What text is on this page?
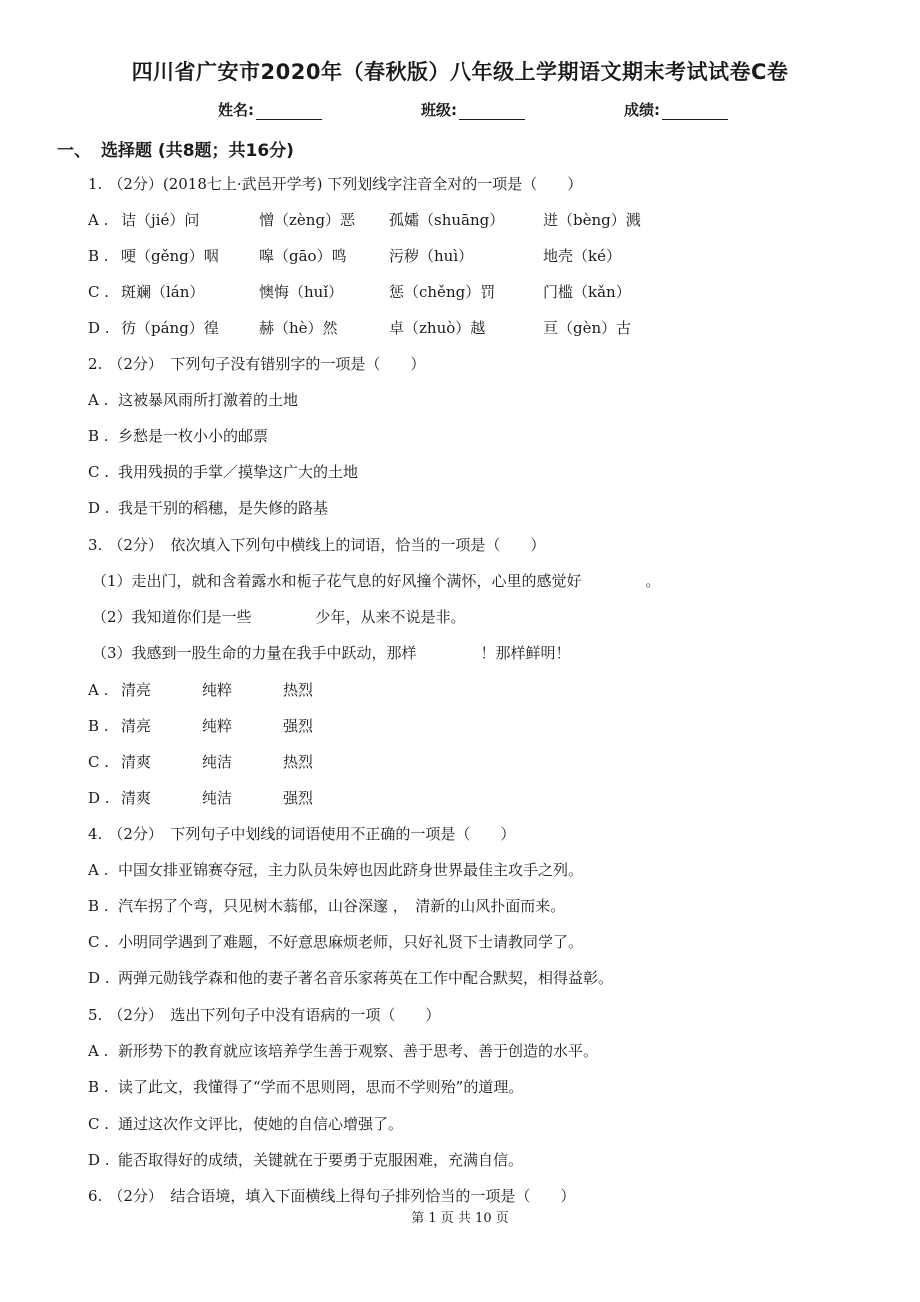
四川省广安市2020年（春秋版）八年级上学期语文期末考试试卷C卷
姓名:	班级:	成绩:
一、 选择题 (共8题；共16分)
1. （2分）(2018七上·武邑开学考) 下列划线字注音全对的一项是（　　）
A . 诘（jié）问	憎（zèng）恶 孤孀（shuāng）	迸（bèng）溅
B . 哽（gěng）咽	嗥（gāo）鸣	污秽（huì）	地壳（ké）
C . 斑斓（lán）	懊悔（huǐ）	惩（chěng）罚	门槛（kǎn）
D . 彷（páng）徨	赫（hè）然	卓（zhuò）越	亘（gèn）古
2. （2分）　 下列句子没有错别字的一项是（　　）
A . 这被暴风雨所打激着的土地
B . 乡愁是一枚小小的邮票
C . 我用残损的手掌／摸挚这广大的土地
D . 我是干别的稻穗，是失修的路基
3. （2分）　 依次填入下列句中横线上的词语，恰当的一项是（　　）
（1）走出门，就和含着露水和栀子花气息的好风撞个满怀，心里的感觉好	。
（2）我知道你们是一些	少年，从来不说是非。
（3）我感到一股生命的力量在我手中跃动，那样	！那样鲜明！
A . 清亮	纯粹	热烈
B . 清亮	纯粹	强烈
C . 清爽	纯洁	热烈
D . 清爽	纯洁	强烈
4. （2分）　 下列句子中划线的词语使用不正确的一项是（　　）
A . 中国女排亚锦赛夺冠，主力队员朱婷也因此跻身世界最佳主攻手之列。
B . 汽车拐了个弯，只见树木蓊郁，山谷深邃 ，　清新的山风扑面而来。
C . 小明同学遇到了难题，不好意思麻烦老师，只好礼贤下士请教同学了。
D . 两弹元勋钱学森和他的妻子著名音乐家蒋英在工作中配合默契，相得益彰。
5. （2分）　 选出下列句子中没有语病的一项（　　）
A . 新形势下的教育就应该培养学生善于观察、善于思考、善于创造的水平。
B . 读了此文，我懂得了“学而不思则罔，思而不学则殆”的道理。
C . 通过这次作文评比，使她的自信心增强了。
D . 能否取得好的成绩，关键就在于要勇于克服困难，充满自信。
6. （2分）　 结合语境，填入下面横线上得句子排列恰当的一项是（　　）
第 1 页 共 10 页
